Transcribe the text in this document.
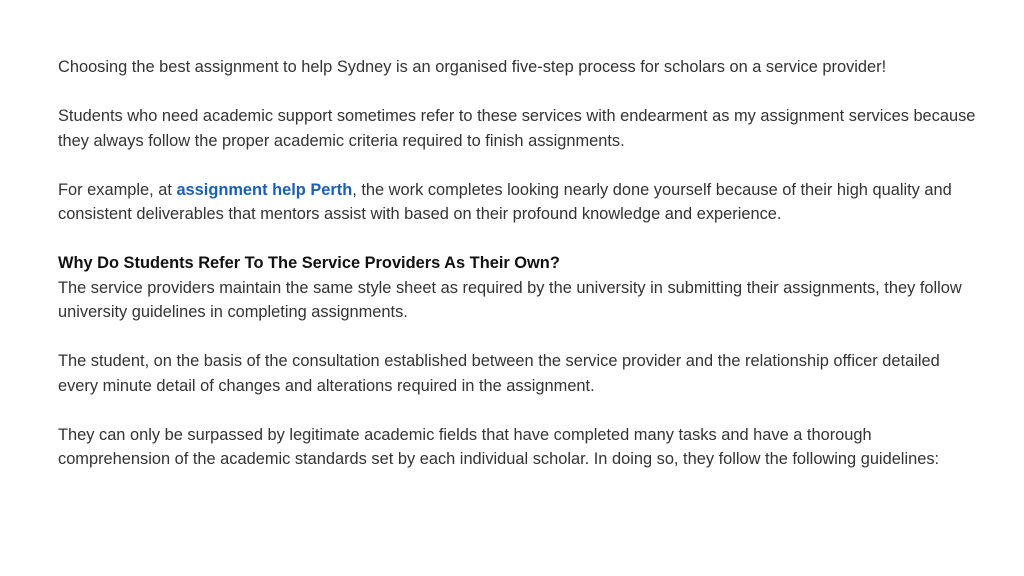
Choosing the best assignment to help Sydney is an organised five-step process for scholars on a service provider!

Students who need academic support sometimes refer to these services with endearment as my assignment services because they always follow the proper academic criteria required to finish assignments.

For example, at assignment help Perth, the work completes looking nearly done yourself because of their high quality and consistent deliverables that mentors assist with based on their profound knowledge and experience.

Why Do Students Refer To The Service Providers As Their Own?

The service providers maintain the same style sheet as required by the university in submitting their assignments, they follow university guidelines in completing assignments.

The student, on the basis of the consultation established between the service provider and the relationship officer detailed every minute detail of changes and alterations required in the assignment.

They can only be surpassed by legitimate academic fields that have completed many tasks and have a thorough comprehension of the academic standards set by each individual scholar. In doing so, they follow the following guidelines:
